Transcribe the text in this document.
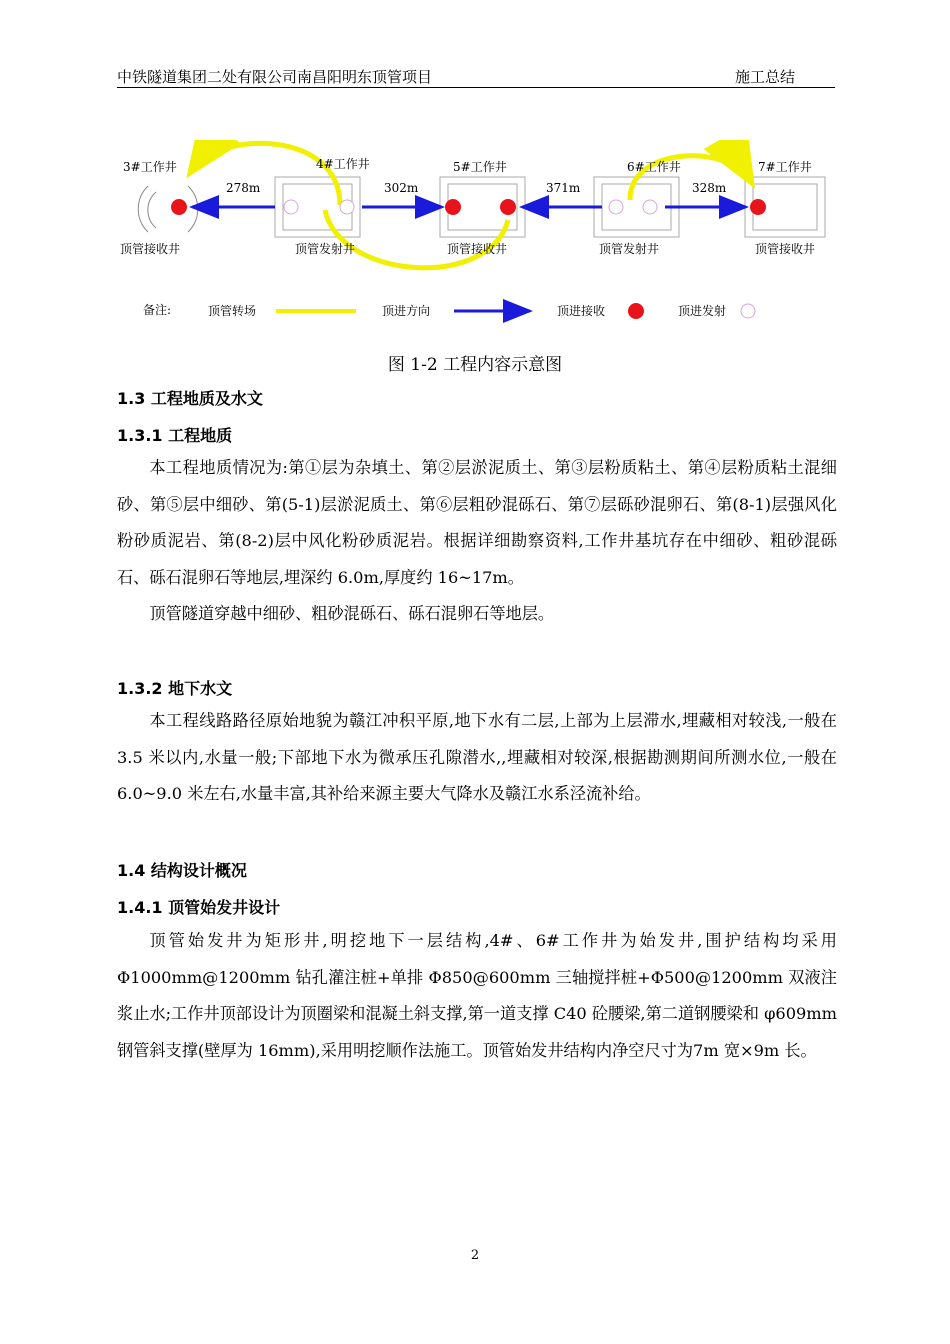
中铁隧道集团二处有限公司南昌阳明东顶管项目	施工总结
3#工作井	4#工作井	5#工作井	6#工作井	7#工作井
278m	302m	371m	328m
顶管接收井	顶管发射井	顶管接收井	顶管发射井	顶管接收井
备注:	顶管转场	顶进方向	顶进接收	顶进发射
图 1-2 工程内容示意图
1.3 工程地质及水文
1.3.1 工程地质

本工程地质情况为:第①层为杂填土、第②层淤泥质土、第③层粉质粘土、第④层粉质粘土混细砂、第⑤层中细砂、第(5-1)层淤泥质土、第⑥层粗砂混砾石、第⑦层砾砂混卵石、第(8-1)层强风化粉砂质泥岩、第(8-2)层中风化粉砂质泥岩。根据详细勘察资料,工作井基坑存在中细砂、粗砂混砾石、砾石混卵石等地层,埋深约 6.0m,厚度约 16~17m。

顶管隧道穿越中细砂、粗砂混砾石、砾石混卵石等地层。

1.3.2 地下水文
本工程线路路径原始地貌为赣江冲积平原,地下水有二层,上部为上层滞水,埋藏相对较浅,一般在 3.5 米以内,水量一般;下部地下水为微承压孔隙潜水,,埋藏相对较深,根据勘测期间所测水位,一般在 6.0~9.0 米左右,水量丰富,其补给来源主要大气降水及赣江水系泾流补给。
1.4 结构设计概况
1.4.1 顶管始发井设计
顶管始发井为矩形井,明挖地下一层结构,4#、6#工作井为始发井,围护结构均采用Φ1000mm@1200mm 钻孔灌注桩+单排 Φ850@600mm 三轴搅拌桩+Φ500@1200mm 双液注浆止水;工作井顶部设计为顶圈梁和混凝土斜支撑,第一道支撑 C40 砼腰梁,第二道钢腰梁和 φ609mm 钢管斜支撑(壁厚为 16mm),采用明挖顺作法施工。顶管始发井结构内净空尺寸为7m 宽×9m 长。
2
